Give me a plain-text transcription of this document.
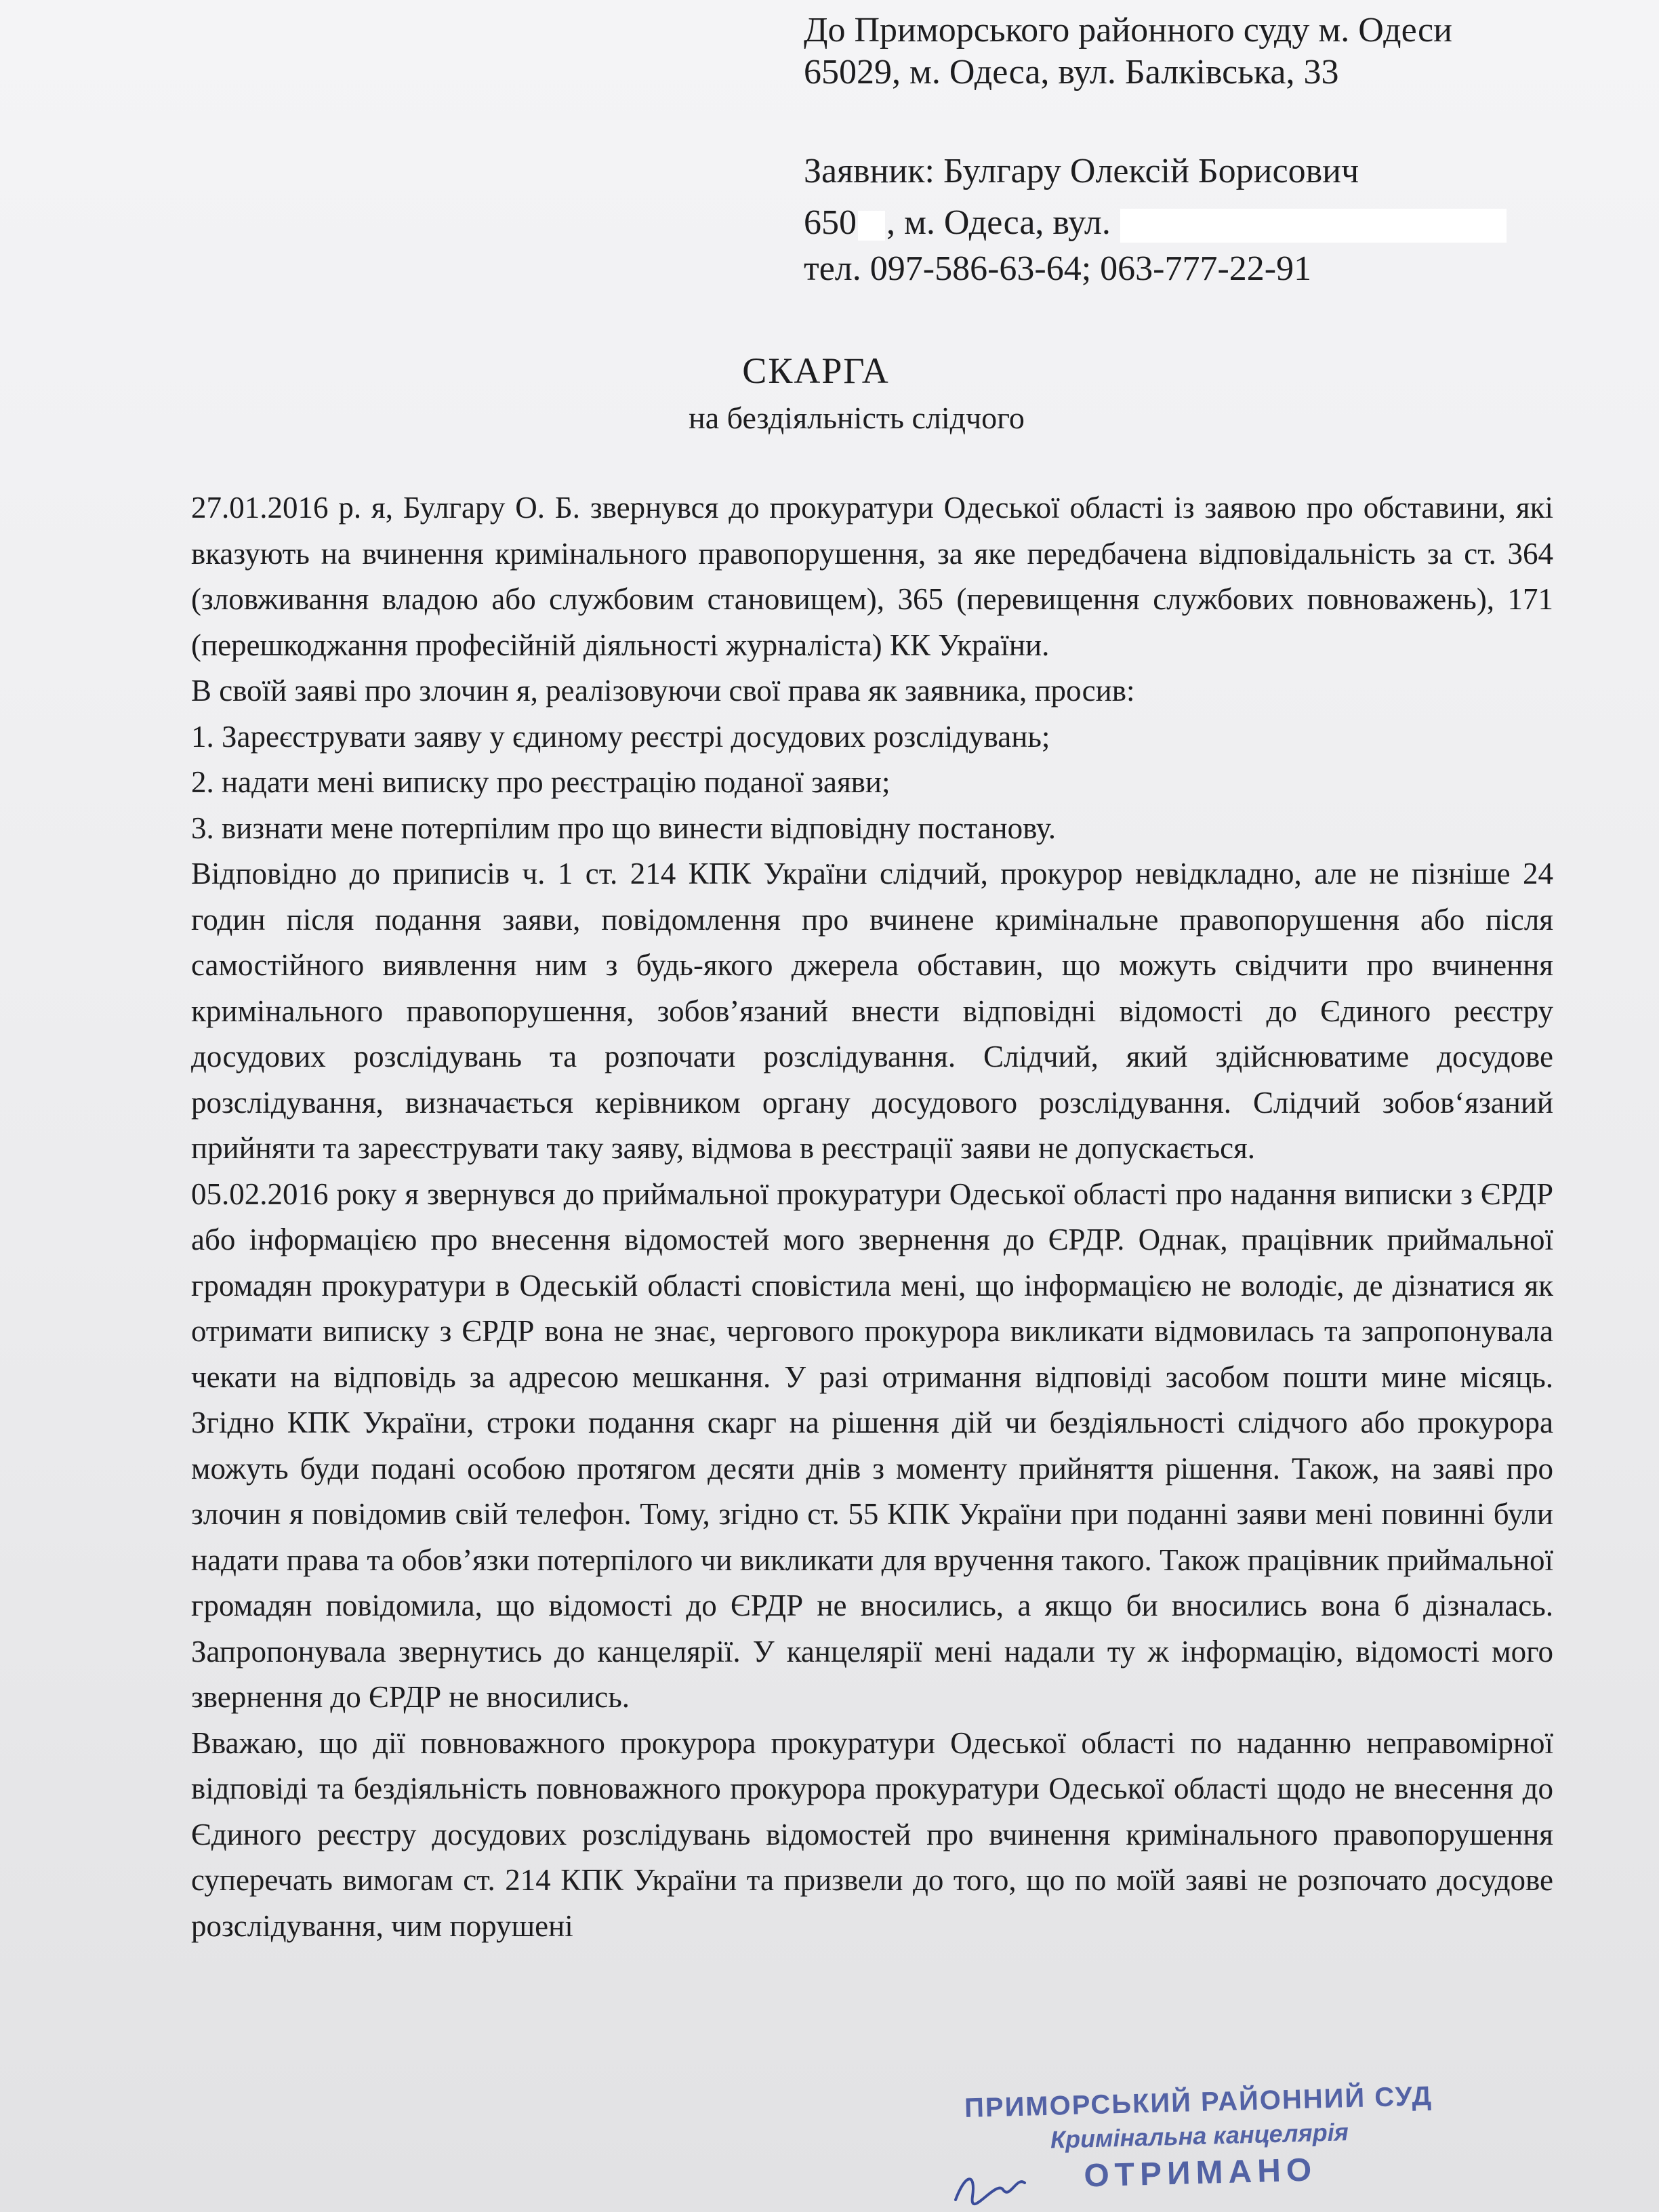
До Приморського районного суду м. Одеси
65029, м. Одеса, вул. Балківська, 33
Заявник: Булгару Олексій Борисович
650 , м. Одеса, вул.
тел. 097-586-63-64; 063-777-22-91
СКАРГА
на бездіяльність слідчого

27.01.2016 р. я, Булгару О. Б. звернувся до прокуратури Одеської області із заявою про обставини, які вказують на вчинення кримінального правопорушення, за яке передбачена відповідальність за ст. 364 (зловживання владою або службовим становищем), 365 (перевищення службових повноважень), 171 (перешкоджання професійній діяльності журналіста) КК України.

В своїй заяві про злочин я, реалізовуючи свої права як заявника, просив:

1. Зареєструвати заяву у єдиному реєстрі досудових розслідувань;

2. надати мені виписку про реєстрацію поданої заяви;

3. визнати мене потерпілим про що винести відповідну постанову.

Відповідно до приписів ч. 1 ст. 214 КПК України слідчий, прокурор невідкладно, але не пізніше 24 годин після подання заяви, повідомлення про вчинене кримінальне правопорушення або після самостійного виявлення ним з будь-якого джерела обставин, що можуть свідчити про вчинення кримінального правопорушення, зобов’язаний внести відповідні відомості до Єдиного реєстру досудових розслідувань та розпочати розслідування. Слідчий, який здійснюватиме досудове розслідування, визначається керівником органу досудового розслідування. Слідчий зобов‘язаний прийняти та зареєструвати таку заяву, відмова в реєстрації заяви не допускається.

05.02.2016 року я звернувся до приймальної прокуратури Одеської області про надання виписки з ЄРДР або інформацією про внесення відомостей мого звернення до ЄРДР. Однак, працівник приймальної громадян прокуратури в Одеській області сповістила мені, що інформацією не володіє, де дізнатися як отримати виписку з ЄРДР вона не знає, чергового прокурора викликати відмовилась та запропонувала чекати на відповідь за адресою мешкання. У разі отримання відповіді засобом пошти мине місяць. Згідно КПК України, строки подання скарг на рішення дій чи бездіяльності слідчого або прокурора можуть буди подані особою протягом десяти днів з моменту прийняття рішення. Також, на заяві про злочин я повідомив свій телефон. Тому, згідно ст. 55 КПК України при поданні заяви мені повинні були надати права та обов’язки потерпілого чи викликати для вручення такого. Також працівник приймальної громадян повідомила, що відомості до ЄРДР не вносились, а якщо би вносились вона б дізналась. Запропонувала звернутись до канцелярії. У канцелярії мені надали ту ж інформацію, відомості мого звернення до ЄРДР не вносились.

Вважаю, що дії повноважного прокурора прокуратури Одеської області по наданню неправомірної відповіді та бездіяльність повноважного прокурора прокуратури Одеської області щодо не внесення до Єдиного реєстру досудових розслідувань відомостей про вчинення кримінального правопорушення суперечать вимогам ст. 214 КПК України та призвели до того, що по моїй заяві не розпочато досудове розслідування, чим порушені

ПРИМОРСЬКИЙ РАЙОННИЙ СУД
Кримінальна канцелярія
ОТРИМАНО
